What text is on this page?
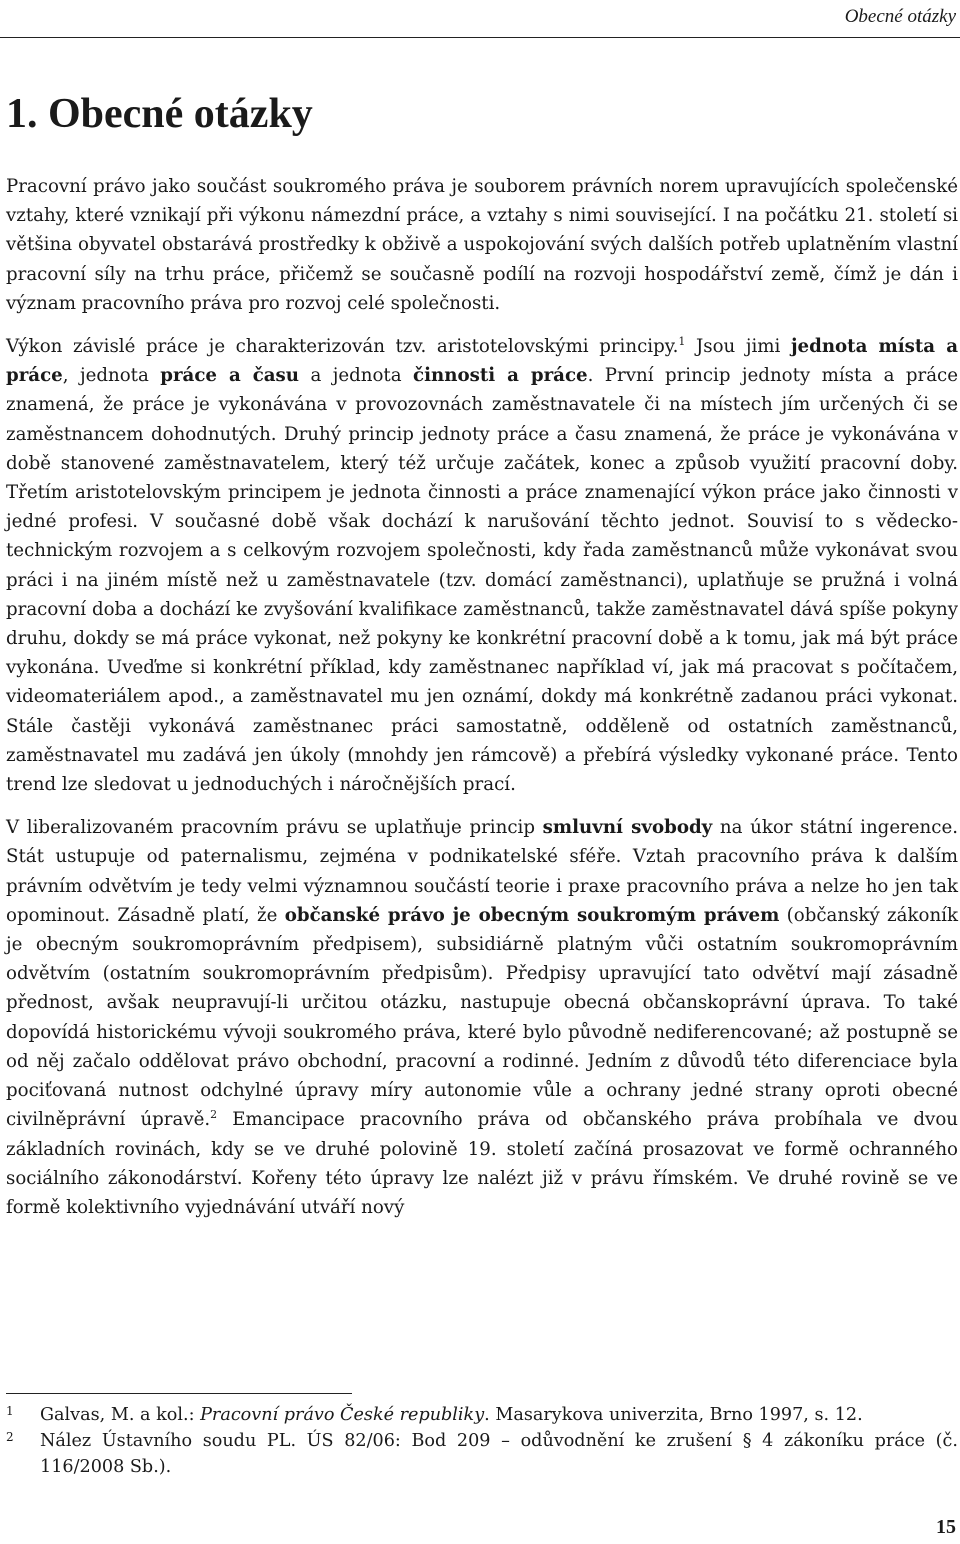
Obecné otázky
1. Obecné otázky

Pracovní právo jako součást soukromého práva je souborem právních norem upravujících společenské vztahy, které vznikají při výkonu námezdní práce, a vztahy s nimi související. I na počátku 21. století si většina obyvatel obstarává prostředky k obživě a uspokojování svých dalších potřeb uplatněním vlastní pracovní síly na trhu práce, přičemž se současně podílí na rozvoji hospodářství země, čímž je dán i význam pracovního práva pro rozvoj celé společnosti.

Výkon závislé práce je charakterizován tzv. aristotelovskými principy.$^1$ Jsou jimi jednota místa a práce, jednota práce a času a jednota činnosti a práce. První princip jednoty místa a práce znamená, že práce je vykonávána v provozovnách zaměstnavatele či na místech jím určených či se zaměstnancem dohodnutých. Druhý princip jednoty práce a času znamená, že práce je vykonávána v době stanovené zaměstnavatelem, který též určuje začátek, konec a způsob využití pracovní doby. Třetím aristotelovským principem je jednota činnosti a práce znamenající výkon práce jako činnosti v jedné profesi. V současné době však dochází k narušování těchto jednot. Souvisí to s vědecko-technickým rozvojem a s celkovým rozvojem společnosti, kdy řada zaměstnanců může vykonávat svou práci i na jiném místě než u zaměstnavatele (tzv. domácí zaměstnanci), uplatňuje se pružná i volná pracovní doba a dochází ke zvyšování kvalifikace zaměstnanců, takže zaměstnavatel dává spíše pokyny druhu, dokdy se má práce vykonat, než pokyny ke konkrétní pracovní době a k tomu, jak má být práce vykonána. Uveďme si konkrétní příklad, kdy zaměstnanec například ví, jak má pracovat s počítačem, videomateriálem apod., a zaměstnavatel mu jen oznámí, dokdy má konkrétně zadanou práci vykonat. Stále častěji vykonává zaměstnanec práci samostatně, odděleně od ostatních zaměstnanců, zaměstnavatel mu zadává jen úkoly (mnohdy jen rámcově) a přebírá výsledky vykonané práce. Tento trend lze sledovat u jednoduchých i náročnějších prací.

V liberalizovaném pracovním právu se uplatňuje princip smluvní svobody na úkor státní ingerence. Stát ustupuje od paternalismu, zejména v podnikatelské sféře. Vztah pracovního práva k dalším právním odvětvím je tedy velmi významnou součástí teorie i praxe pracovního práva a nelze ho jen tak opominout. Zásadně platí, že občanské právo je obecným soukromým právem (občanský zákoník je obecným soukromoprávním předpisem), subsidiárně platným vůči ostatním soukromoprávním odvětvím (ostatním soukromoprávním předpisům). Předpisy upravující tato odvětví mají zásadně přednost, avšak neupravují-li určitou otázku, nastupuje obecná občanskoprávní úprava. To také dopovídá historickému vývoji soukromého práva, které bylo původně nediferencované; až postupně se od něj začalo oddělovat právo obchodní, pracovní a rodinné. Jedním z důvodů této diferenciace byla pociťovaná nutnost odchylné úpravy míry autonomie vůle a ochrany jedné strany oproti obecné civilněprávní úpravě.$^2$ Emancipace pracovního práva od občanského práva probíhala ve dvou základních rovinách, kdy se ve druhé polovině 19. století začíná prosazovat ve formě ochranného sociálního zákonodárství. Kořeny této úpravy lze nalézt již v právu římském. Ve druhé rovině se ve formě kolektivního vyjednávání utváří nový

1	Galvas, M. a kol.: Pracovní právo České republiky. Masarykova univerzita, Brno 1997, s. 12.
2	Nález Ústavního soudu PL. ÚS 82/06: Bod 209 – odůvodnění ke zrušení § 4 zákoníku práce (č. 116/2008 Sb.).
15
